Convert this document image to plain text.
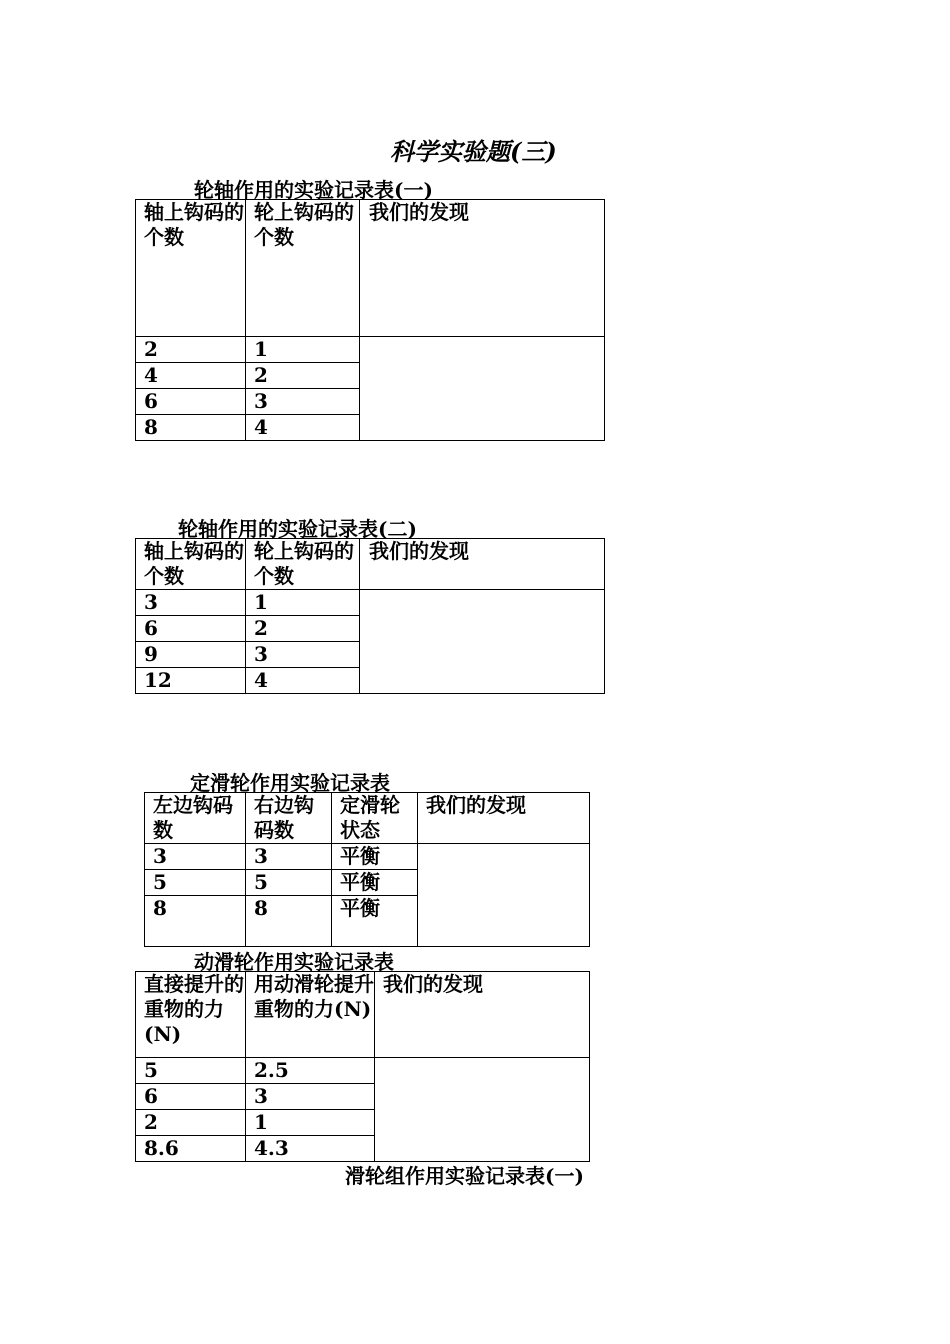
科学实验题(三)
轮轴作用的实验记录表(一)
轴上钩码的个数	轮上钩码的个数	我们的发现
2	1	
4	2	
6	3	
8	4	
轮轴作用的实验记录表(二)
轴上钩码的个数	轮上钩码的个数	我们的发现
3	1	
6	2	
9	3	
12	4	
定滑轮作用实验记录表
左边钩码数	右边钩码数	定滑轮状态	我们的发现
3	3	平衡	
5	5	平衡	
8	8	平衡	
动滑轮作用实验记录表
直接提升的重物的力(N)	用动滑轮提升重物的力(N)	我们的发现
5	2.5	
6	3	
2	1	
8.6	4.3	
滑轮组作用实验记录表(一)
